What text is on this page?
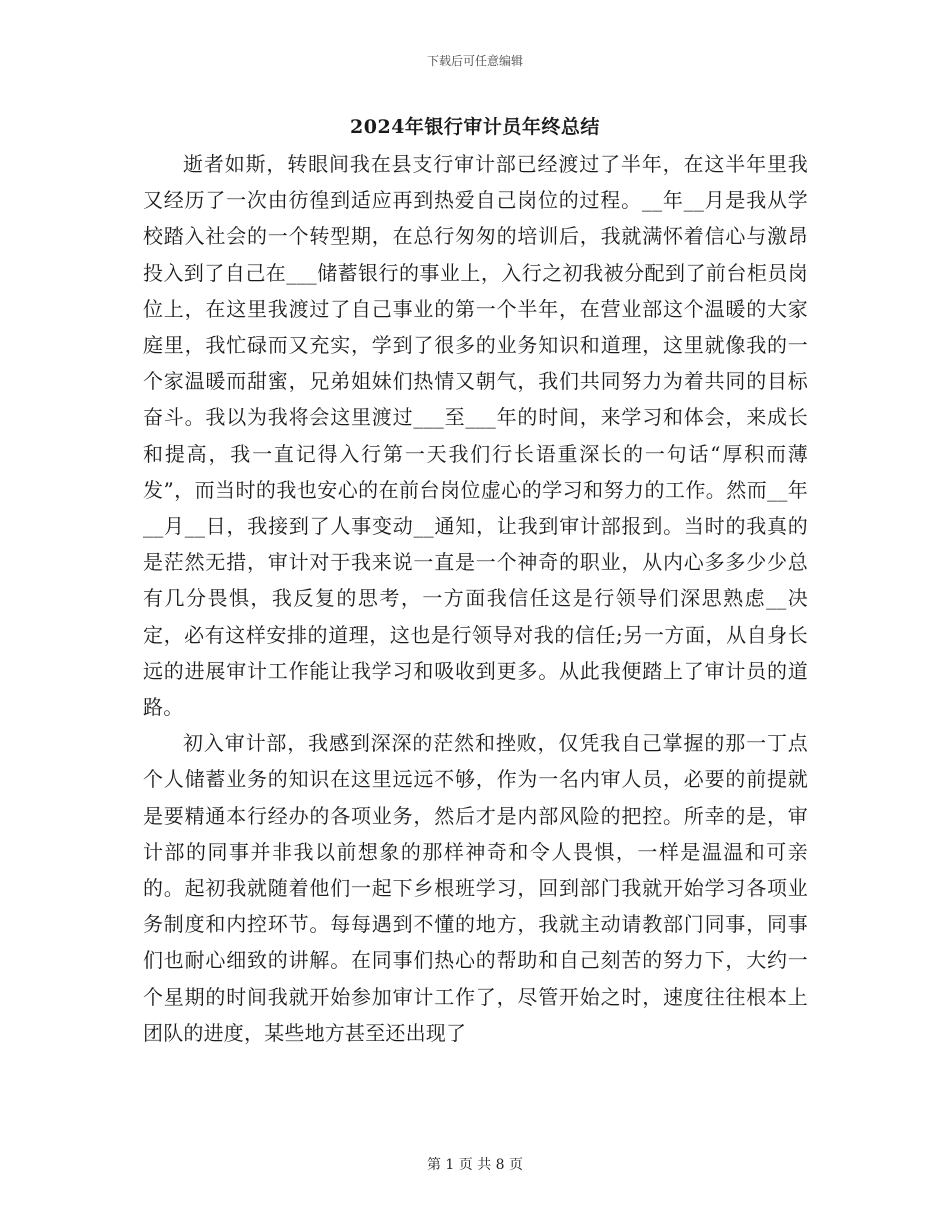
下载后可任意编辑
2024年银行审计员年终总结

逝者如斯，转眼间我在县支行审计部已经渡过了半年，在这半年里我又经历了一次由彷徨到适应再到热爱自己岗位的过程。__年__月是我从学校踏入社会的一个转型期，在总行匆匆的培训后，我就满怀着信心与激昂投入到了自己在___储蓄银行的事业上，入行之初我被分配到了前台柜员岗位上，在这里我渡过了自己事业的第一个半年，在营业部这个温暖的大家庭里，我忙碌而又充实，学到了很多的业务知识和道理，这里就像我的一个家温暖而甜蜜，兄弟姐妹们热情又朝气，我们共同努力为着共同的目标奋斗。我以为我将会这里渡过___至___年的时间，来学习和体会，来成长和提高，我一直记得入行第一天我们行长语重深长的一句话“厚积而薄发”，而当时的我也安心的在前台岗位虚心的学习和努力的工作。然而__年__月__日，我接到了人事变动__通知，让我到审计部报到。当时的我真的是茫然无措，审计对于我来说一直是一个神奇的职业，从内心多多少少总有几分畏惧，我反复的思考，一方面我信任这是行领导们深思熟虑__决定，必有这样安排的道理，这也是行领导对我的信任;另一方面，从自身长远的进展审计工作能让我学习和吸收到更多。从此我便踏上了审计员的道路。

初入审计部，我感到深深的茫然和挫败，仅凭我自己掌握的那一丁点个人储蓄业务的知识在这里远远不够，作为一名内审人员，必要的前提就是要精通本行经办的各项业务，然后才是内部风险的把控。所幸的是，审计部的同事并非我以前想象的那样神奇和令人畏惧，一样是温温和可亲的。起初我就随着他们一起下乡根班学习，回到部门我就开始学习各项业务制度和内控环节。每每遇到不懂的地方，我就主动请教部门同事，同事们也耐心细致的讲解。在同事们热心的帮助和自己刻苦的努力下，大约一个星期的时间我就开始参加审计工作了，尽管开始之时，速度往往根本上团队的进度，某些地方甚至还出现了

第 1 页 共 8 页
